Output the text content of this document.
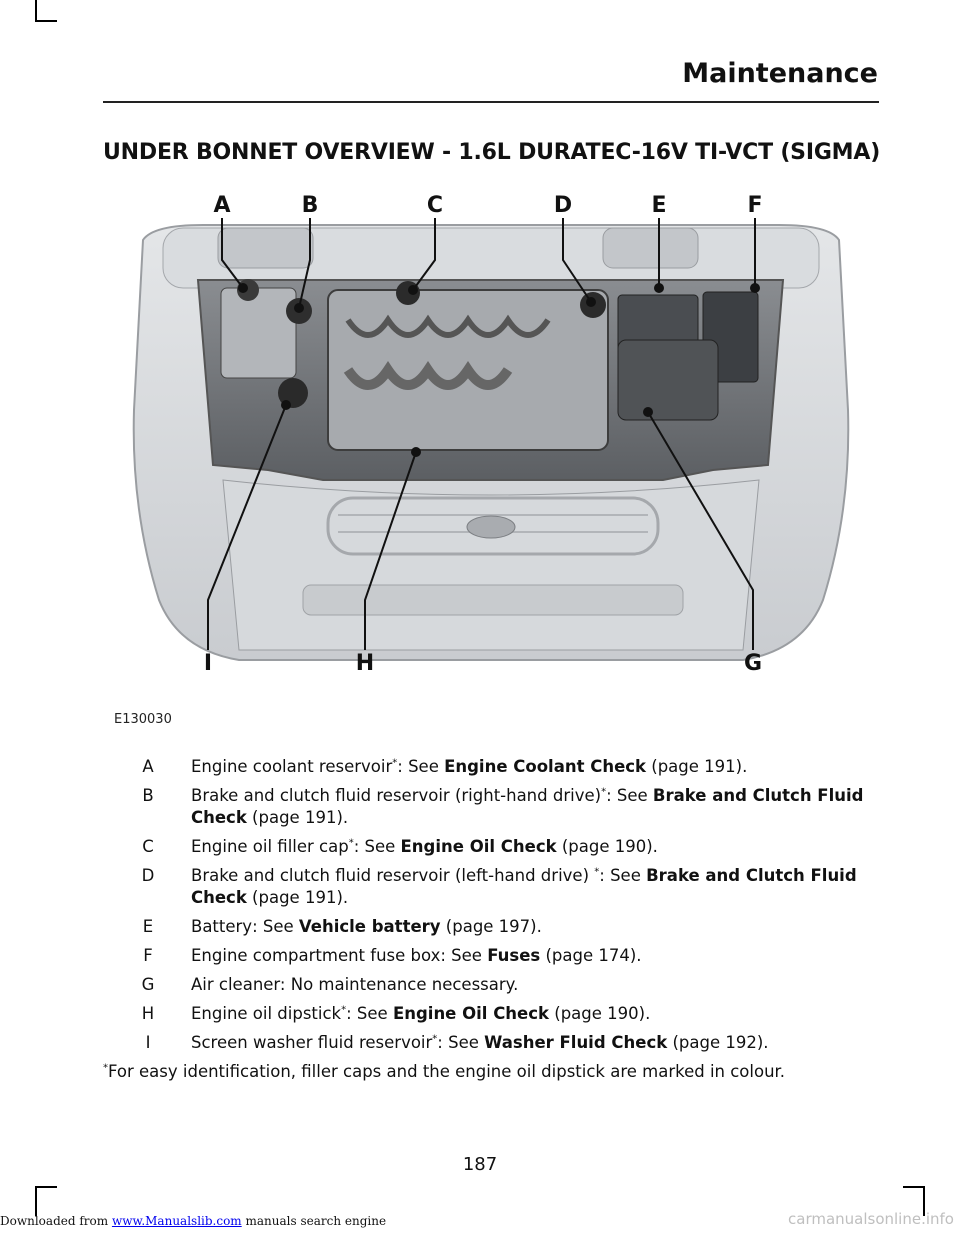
Maintenance
UNDER BONNET OVERVIEW - 1.6L DURATEC-16V TI-VCT (SIGMA)
A	B	C	D	E	F
G
H
I
E130030
A Engine coolant reservoir*: See Engine Coolant Check (page 191).
B Brake and clutch fluid reservoir (right-hand drive)*: See Brake and Clutch Fluid Check (page 191).
C Engine oil filler cap*: See Engine Oil Check (page 190).
D Brake and clutch fluid reservoir (left-hand drive) *: See Brake and Clutch Fluid Check (page 191).
E Battery: See Vehicle battery (page 197).
F Engine compartment fuse box: See Fuses (page 174).
G Air cleaner: No maintenance necessary.
H Engine oil dipstick*: See Engine Oil Check (page 190).
I Screen washer fluid reservoir*: See Washer Fluid Check (page 192).
*For easy identification, filler caps and the engine oil dipstick are marked in colour.
187
Downloaded from www.Manualslib.com manuals search engine	carmanualsonline.info
